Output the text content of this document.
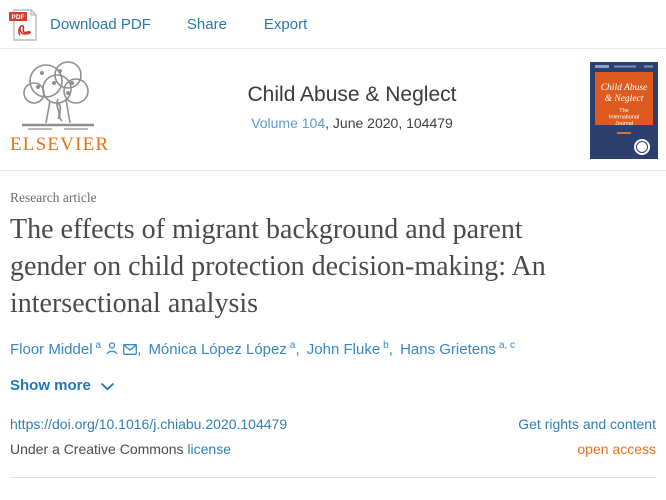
PDF Download PDF Share Export
ELSEVIER
Child Abuse & Neglect
Volume 104, June 2020, 104479
Child Abuse
& Neglect
The
International
Journal
Research article
The effects of migrant background and parent
gender on child protection decision-making: An
intersectional analysis
Floor Middel $^a$ , Mónica López López $^a$, John Fluke $^b$, Hans Grietens $^{a, c}$
Show more
https://doi.org/10.1016/j.chiabu.2020.104479
Under a Creative Commons license
Get rights and content
open access
